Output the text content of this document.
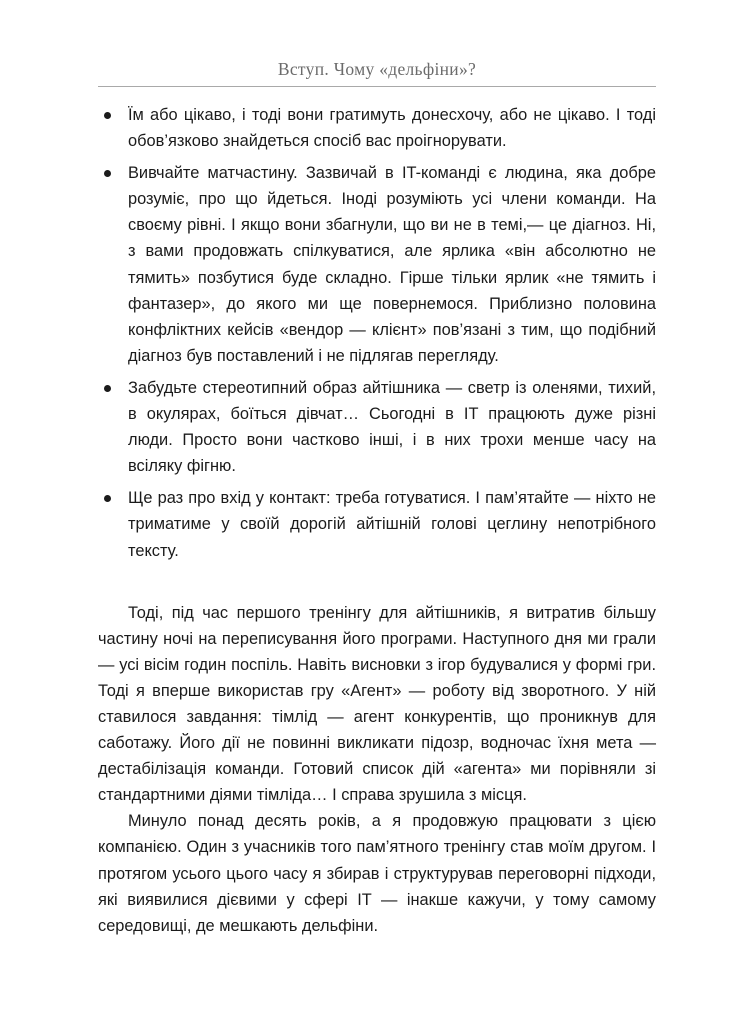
Вступ. Чому «дельфіни»?
Їм або цікаво, і тоді вони гратимуть донесхочу, або не цікаво. І тоді обов’язково знайдеться спосіб вас проігнорувати.
Вивчайте матчастину. Зазвичай в IT-команді є людина, яка добре розуміє, про що йдеться. Іноді розуміють усі члени команди. На своєму рівні. І якщо вони збагнули, що ви не в темі,— це діагноз. Ні, з вами продовжать спілкуватися, але ярлика «він абсолютно не тямить» позбутися буде складно. Гірше тільки ярлик «не тямить і фантазер», до якого ми ще повернемося. Приблизно половина конфліктних кейсів «вендор — клієнт» пов’язані з тим, що подібний діагноз був поставлений і не підлягав перегляду.
Забудьте стереотипний образ айтішника — светр із оленями, тихий, в окулярах, боїться дівчат… Сьогодні в IT працюють дуже різні люди. Просто вони частково інші, і в них трохи менше часу на всіляку фігню.
Ще раз про вхід у контакт: треба готуватися. І пам’ятайте — ніхто не триматиме у своїй дорогій айтішній голові цеглину непотрібного тексту.

Тоді, під час першого тренінгу для айтішників, я витратив більшу частину ночі на переписування його програми. Наступного дня ми грали — усі вісім годин поспіль. Навіть висновки з ігор будувалися у формі гри. Тоді я вперше використав гру «Агент» — роботу від зворотного. У ній ставилося завдання: тімлід — агент конкурентів, що проникнув для саботажу. Його дії не повинні викликати підозр, водночас їхня мета — дестабілізація команди. Готовий список дій «агента» ми порівняли зі стандартними діями тімліда… І справа зрушила з місця.

Минуло понад десять років, а я продовжую працювати з цією компанією. Один з учасників того пам’ятного тренінгу став моїм другом. І протягом усього цього часу я збирав і структурував переговорні підходи, які виявилися дієвими у сфері IT — інакше кажучи, у тому самому середовищі, де мешкають дельфіни.
